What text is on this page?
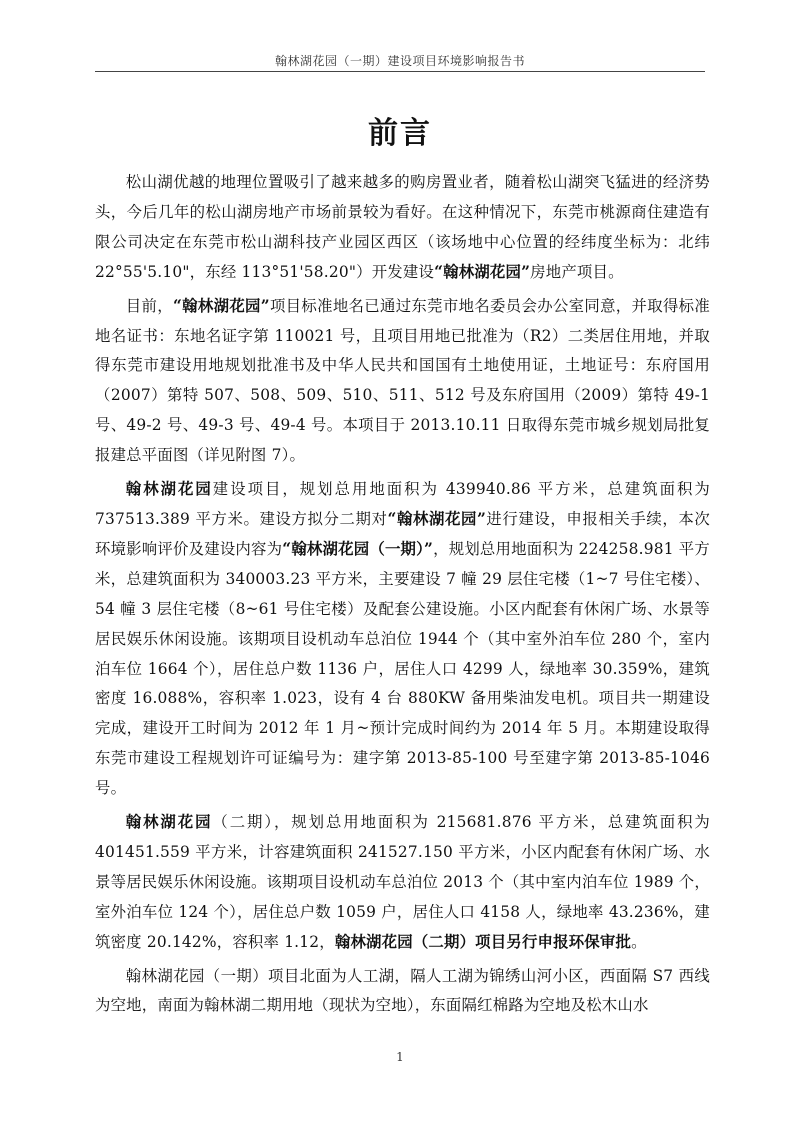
翰林湖花园（一期）建设项目环境影响报告书
前言

松山湖优越的地理位置吸引了越来越多的购房置业者，随着松山湖突飞猛进的经济势头，今后几年的松山湖房地产市场前景较为看好。在这种情况下，东莞市桃源商住建造有限公司决定在东莞市松山湖科技产业园区西区（该场地中心位置的经纬度坐标为：北纬 22°55'5.10"，东经 113°51'58.20"）开发建设“翰林湖花园”房地产项目。

目前，“翰林湖花园”项目标准地名已通过东莞市地名委员会办公室同意，并取得标准地名证书：东地名证字第 110021 号，且项目用地已批准为（R2）二类居住用地，并取得东莞市建设用地规划批准书及中华人民共和国国有土地使用证，土地证号：东府国用（2007）第特 507、508、509、510、511、512 号及东府国用（2009）第特 49-1 号、49-2 号、49-3 号、49-4 号。本项目于 2013.10.11 日取得东莞市城乡规划局批复报建总平面图（详见附图 7）。

翰林湖花园建设项目，规划总用地面积为 439940.86 平方米，总建筑面积为 737513.389 平方米。建设方拟分二期对“翰林湖花园”进行建设，申报相关手续，本次环境影响评价及建设内容为“翰林湖花园（一期）”，规划总用地面积为 224258.981 平方米，总建筑面积为 340003.23 平方米，主要建设 7 幢 29 层住宅楼（1~7 号住宅楼）、54 幢 3 层住宅楼（8~61 号住宅楼）及配套公建设施。小区内配套有休闲广场、水景等居民娱乐休闲设施。该期项目设机动车总泊位 1944 个（其中室外泊车位 280 个，室内泊车位 1664 个），居住总户数 1136 户，居住人口 4299 人，绿地率 30.359%，建筑密度 16.088%，容积率 1.023，设有 4 台 880KW 备用柴油发电机。项目共一期建设完成，建设开工时间为 2012 年 1 月~预计完成时间约为 2014 年 5 月。本期建设取得东莞市建设工程规划许可证编号为：建字第 2013-85-100 号至建字第 2013-85-1046 号。

翰林湖花园（二期），规划总用地面积为 215681.876 平方米，总建筑面积为 401451.559 平方米，计容建筑面积 241527.150 平方米，小区内配套有休闲广场、水景等居民娱乐休闲设施。该期项目设机动车总泊位 2013 个（其中室内泊车位 1989 个，室外泊车位 124 个），居住总户数 1059 户，居住人口 4158 人，绿地率 43.236%，建筑密度 20.142%，容积率 1.12，翰林湖花园（二期）项目另行申报环保审批。

翰林湖花园（一期）项目北面为人工湖，隔人工湖为锦绣山河小区，西面隔 S7 西线为空地，南面为翰林湖二期用地（现状为空地），东面隔红棉路为空地及松木山水

1
